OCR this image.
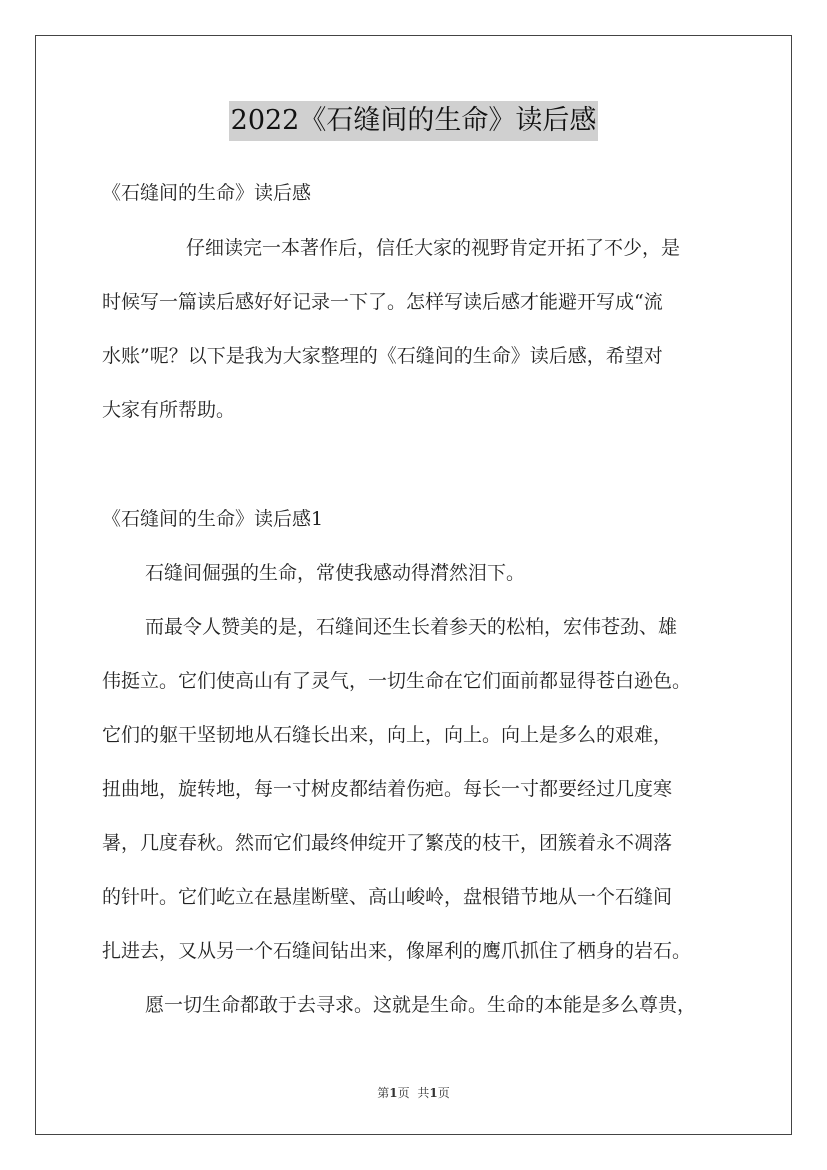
2022《石缝间的生命》读后感
《石缝间的生命》读后感
仔细读完一本著作后，信任大家的视野肯定开拓了不少，是
时候写一篇读后感好好记录一下了。怎样写读后感才能避开写成“流
水账”呢？以下是我为大家整理的《石缝间的生命》读后感，希望对
大家有所帮助。
《石缝间的生命》读后感1
石缝间倔强的生命，常使我感动得潸然泪下。
而最令人赞美的是，石缝间还生长着参天的松柏，宏伟苍劲、雄
伟挺立。它们使高山有了灵气，一切生命在它们面前都显得苍白逊色。
它们的躯干坚韧地从石缝长出来，向上，向上。向上是多么的艰难，
扭曲地，旋转地，每一寸树皮都结着伤疤。每长一寸都要经过几度寒
暑，几度春秋。然而它们最终伸绽开了繁茂的枝干，团簇着永不凋落
的针叶。它们屹立在悬崖断壁、高山峻岭，盘根错节地从一个石缝间
扎进去，又从另一个石缝间钻出来，像犀利的鹰爪抓住了栖身的岩石。
愿一切生命都敢于去寻求。这就是生命。生命的本能是多么尊贵，
第1页 共1页
